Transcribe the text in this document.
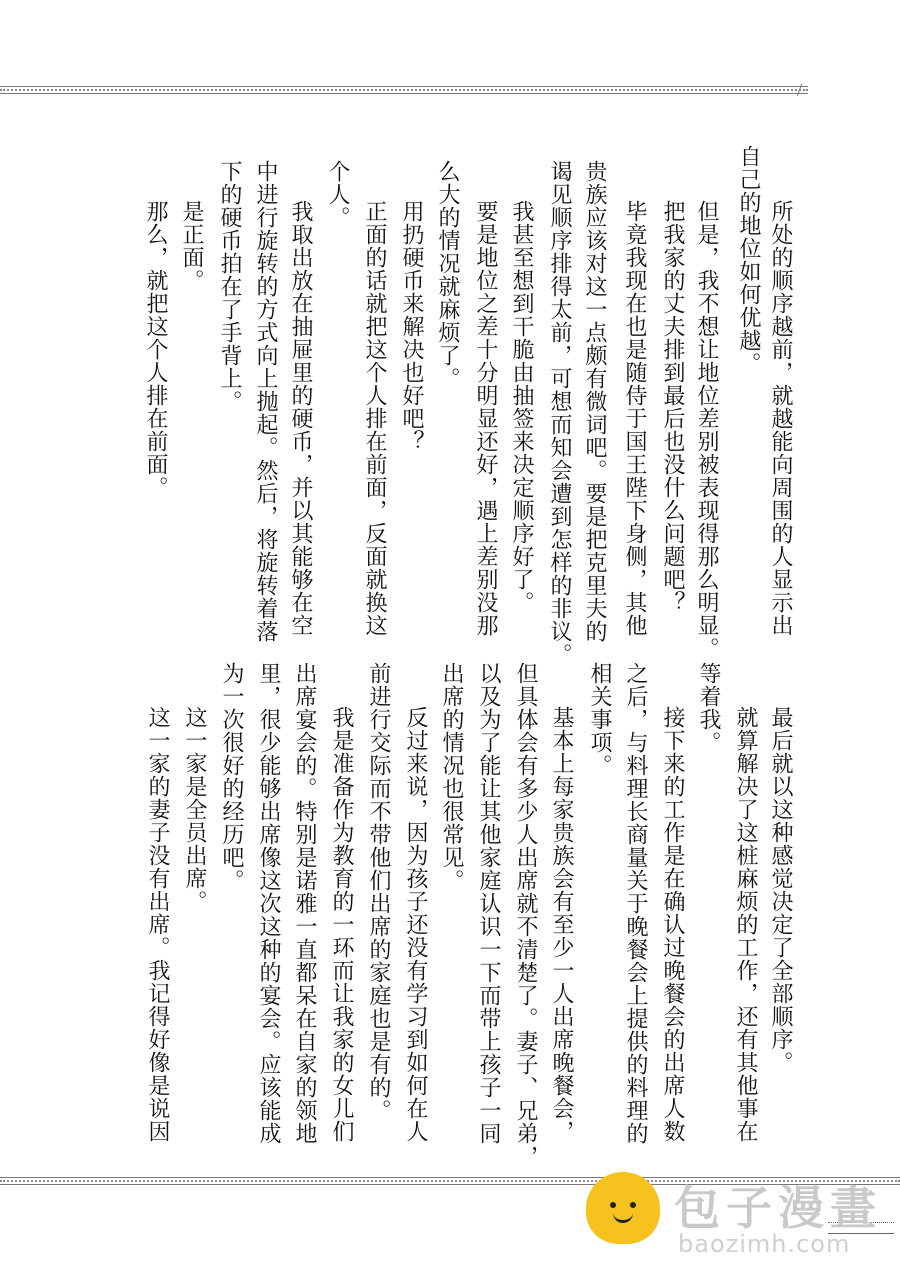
所处的顺序越前，就越能向周围的人显示出
自己的地位如何优越。
但是，我不想让地位差别被表现得那么明显。
把我家的丈夫排到最后也没什么问题吧？
毕竟我现在也是随侍于国王陛下身侧，其他
贵族应该对这一点颇有微词吧。要是把克里夫的
谒见顺序排得太前，可想而知会遭到怎样的非议。
我甚至想到干脆由抽签来决定顺序好了。
要是地位之差十分明显还好，遇上差别没那
么大的情况就麻烦了。
用扔硬币来解决也好吧？
正面的话就把这个人排在前面，反面就换这
个人。
我取出放在抽屉里的硬币，并以其能够在空
中进行旋转的方式向上抛起。然后，将旋转着落
下的硬币拍在了手背上。
是正面。
那么，就把这个人排在前面。
最后就以这种感觉决定了全部顺序。
就算解决了这桩麻烦的工作，还有其他事在
等着我。
接下来的工作是在确认过晚餐会的出席人数
之后，与料理长商量关于晚餐会上提供的料理的
相关事项。
基本上每家贵族会有至少一人出席晚餐会，
但具体会有多少人出席就不清楚了。妻子、兄弟，
以及为了能让其他家庭认识一下而带上孩子一同
出席的情况也很常见。
反过来说，因为孩子还没有学习到如何在人
前进行交际而不带他们出席的家庭也是有的。
我是准备作为教育的一环而让我家的女儿们
出席宴会的。特别是诺雅一直都呆在自家的领地
里，很少能够出席像这次这种的宴会。应该能成
为一次很好的经历吧。
这一家是全员出席。
这一家的妻子没有出席。我记得好像是说因
包子漫畫
baozimh.com
